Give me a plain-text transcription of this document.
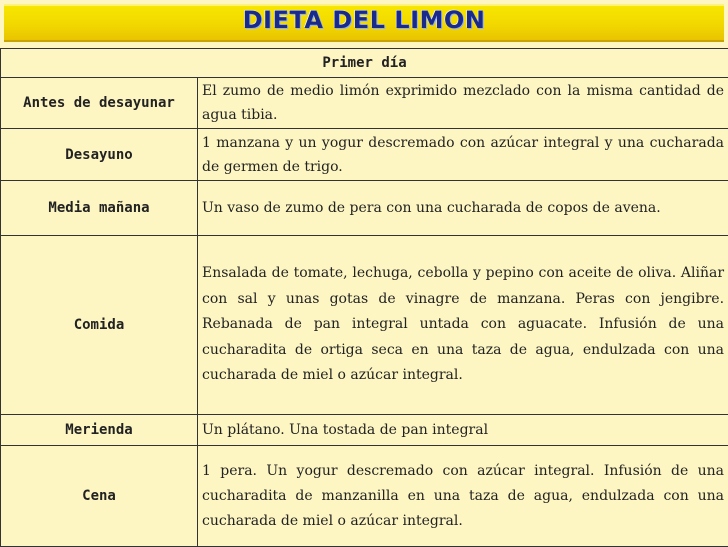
DIETA DEL LIMON
Primer día	
Antes de desayunar	El zumo de medio limón exprimido mezclado con la misma cantidad de agua tibia.
Desayuno	1 manzana y un yogur descremado con azúcar integral y una cucharada de germen de trigo.
Media mañana	Un vaso de zumo de pera con una cucharada de copos de avena.
Comida	Ensalada de tomate, lechuga, cebolla y pepino con aceite de oliva. Aliñar con sal y unas gotas de vinagre de manzana. Peras con jengibre. Rebanada de pan integral untada con aguacate. Infusión de una cucharadita de ortiga seca en una taza de agua, endulzada con una cucharada de miel o azúcar integral.
Merienda	Un plátano. Una tostada de pan integral
Cena	1 pera. Un yogur descremado con azúcar integral. Infusión de una cucharadita de manzanilla en una taza de agua, endulzada con una cucharada de miel o azúcar integral.
